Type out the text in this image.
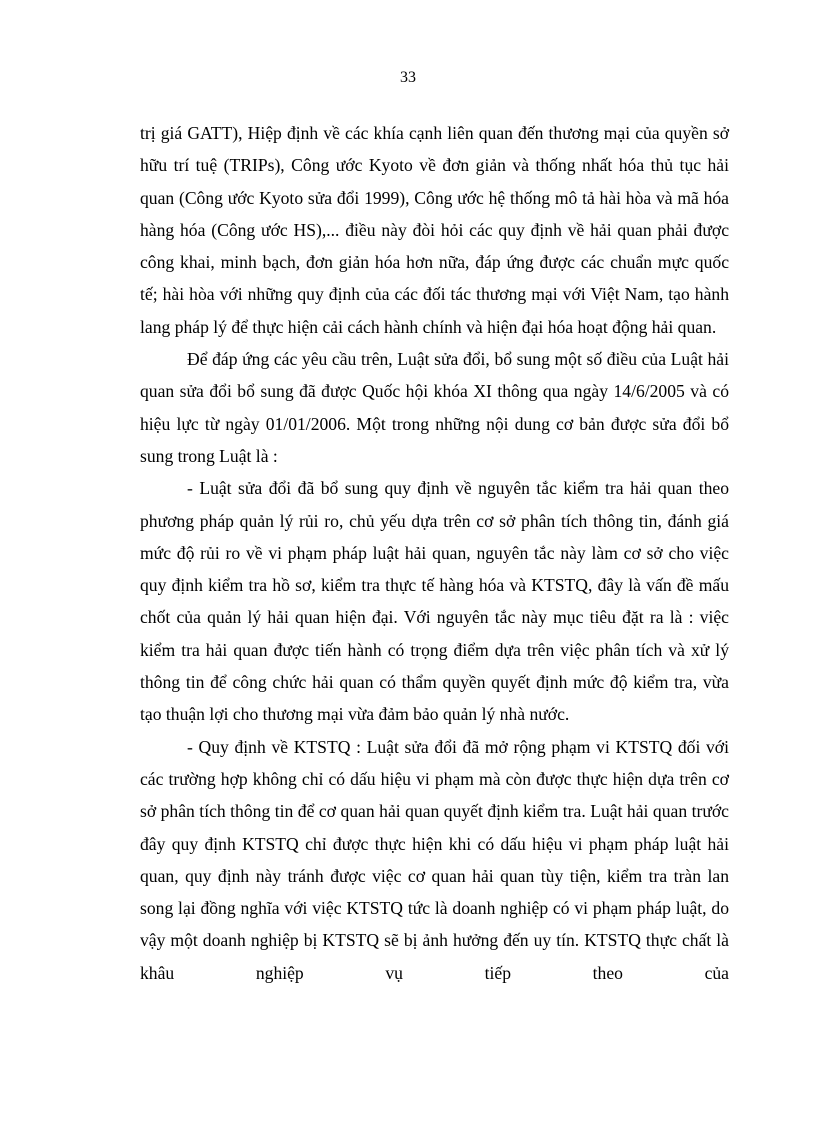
33

trị giá GATT), Hiệp định về các khía cạnh liên quan đến thương mại của quyền sở hữu trí tuệ (TRIPs), Công ước Kyoto về đơn giản và thống nhất hóa thủ tục hải quan (Công ước Kyoto sửa đổi 1999), Công ước hệ thống mô tả hài hòa và mã hóa hàng hóa (Công ước HS),... điều này đòi hỏi các quy định về hải quan phải được công khai, minh bạch, đơn giản hóa hơn nữa, đáp ứng được các chuẩn mực quốc tế; hài hòa với những quy định của các đối tác thương mại với Việt Nam, tạo hành lang pháp lý để thực hiện cải cách hành chính và hiện đại hóa hoạt động hải quan.

Để đáp ứng các yêu cầu trên, Luật sửa đổi, bổ sung một số điều của Luật hải quan sửa đổi bổ sung đã được Quốc hội khóa XI thông qua ngày 14/6/2005 và có hiệu lực từ ngày 01/01/2006. Một trong những nội dung cơ bản được sửa đổi bổ sung trong Luật là :

- Luật sửa đổi đã bổ sung quy định về nguyên tắc kiểm tra hải quan theo phương pháp quản lý rủi ro, chủ yếu dựa trên cơ sở phân tích thông tin, đánh giá mức độ rủi ro về vi phạm pháp luật hải quan, nguyên tắc này làm cơ sở cho việc quy định kiểm tra hồ sơ, kiểm tra thực tế hàng hóa và KTSTQ, đây là vấn đề mấu chốt của quản lý hải quan hiện đại. Với nguyên tắc này mục tiêu đặt ra là : việc kiểm tra hải quan được tiến hành có trọng điểm dựa trên việc phân tích và xử lý thông tin để công chức hải quan có thẩm quyền quyết định mức độ kiểm tra, vừa tạo thuận lợi cho thương mại vừa đảm bảo quản lý nhà nước.

- Quy định về KTSTQ : Luật sửa đổi đã mở rộng phạm vi KTSTQ đối với các trường hợp không chỉ có dấu hiệu vi phạm mà còn được thực hiện dựa trên cơ sở phân tích thông tin để cơ quan hải quan quyết định kiểm tra. Luật hải quan trước đây quy định KTSTQ chỉ được thực hiện khi có dấu hiệu vi phạm pháp luật hải quan, quy định này tránh được việc cơ quan hải quan tùy tiện, kiểm tra tràn lan song lại đồng nghĩa với việc KTSTQ tức là doanh nghiệp có vi phạm pháp luật, do vậy một doanh nghiệp bị KTSTQ sẽ bị ảnh hưởng đến uy tín. KTSTQ thực chất là khâu nghiệp vụ tiếp theo của
